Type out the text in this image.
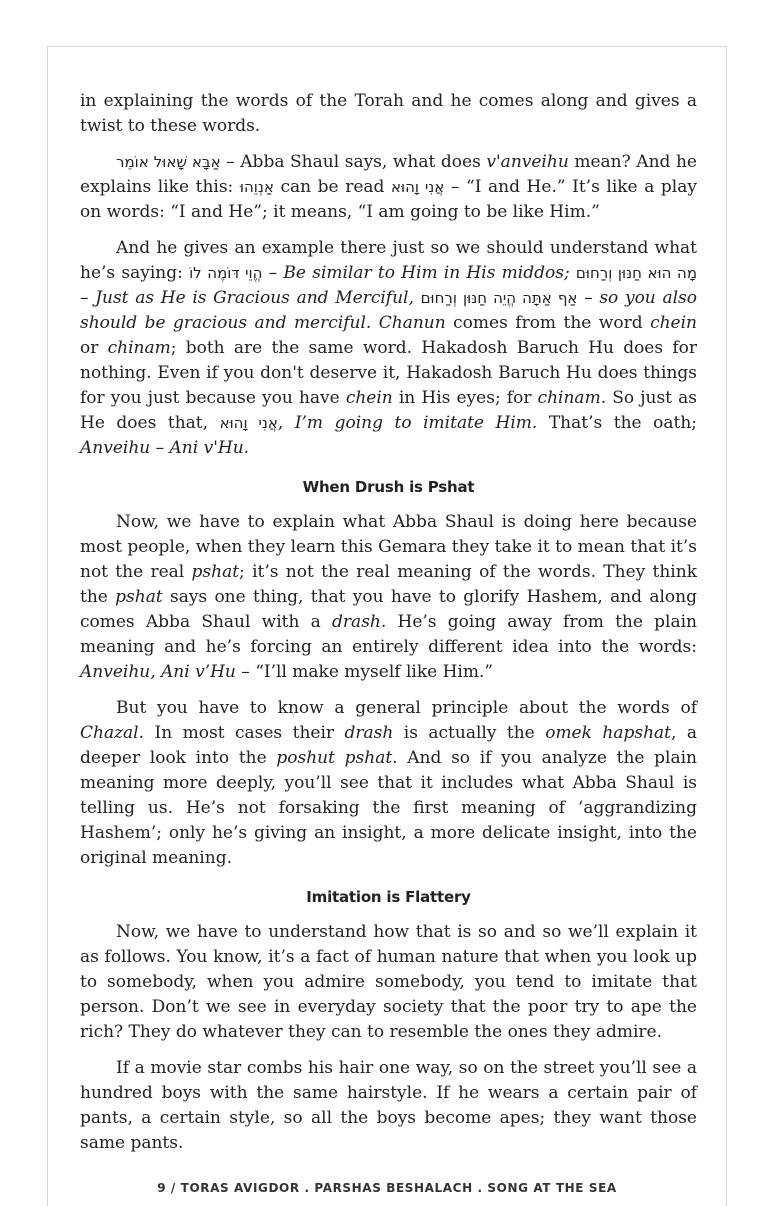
in explaining the words of the Torah and he comes along and gives a twist to these words.

אַבָּא שָׁאוּל אוֹמֵר – Abba Shaul says, what does v'anveihu mean? And he explains like this: אַנְוֵהוּ can be read אֲנִי וָהוּא – “I and He.” It’s like a play on words: “I and He”; it means, “I am going to be like Him.”

And he gives an example there just so we should understand what he’s saying: הֱוֵי דּוֹמֶה לוֹ – Be similar to Him in His middos; מָה הוּא חַנּוּן וְרַחוּם – Just as He is Gracious and Merciful, אַף אַתָּה הֱיֵה חַנּוּן וְרַחוּם – so you also should be gracious and merciful. Chanun comes from the word chein or chinam; both are the same word. Hakadosh Baruch Hu does for nothing. Even if you don't deserve it, Hakadosh Baruch Hu does things for you just because you have chein in His eyes; for chinam. So just as He does that, אֲנִי וָהוּא, I’m going to imitate Him. That’s the oath; Anveihu – Ani v'Hu.

When Drush is Pshat

Now, we have to explain what Abba Shaul is doing here because most people, when they learn this Gemara they take it to mean that it’s not the real pshat; it’s not the real meaning of the words. They think the pshat says one thing, that you have to glorify Hashem, and along comes Abba Shaul with a drash. He’s going away from the plain meaning and he’s forcing an entirely different idea into the words: Anveihu, Ani v’Hu – “I’ll make myself like Him.”

But you have to know a general principle about the words of Chazal. In most cases their drash is actually the omek hapshat, a deeper look into the poshut pshat. And so if you analyze the plain meaning more deeply, you’ll see that it includes what Abba Shaul is telling us. He’s not forsaking the first meaning of ‘aggrandizing Hashem’; only he’s giving an insight, a more delicate insight, into the original meaning.

Imitation is Flattery

Now, we have to understand how that is so and so we’ll explain it as follows. You know, it’s a fact of human nature that when you look up to somebody, when you admire somebody, you tend to imitate that person. Don’t we see in everyday society that the poor try to ape the rich? They do whatever they can to resemble the ones they admire.

If a movie star combs his hair one way, so on the street you’ll see a hundred boys with the same hairstyle. If he wears a certain pair of pants, a certain style, so all the boys become apes; they want those same pants.

9 / TORAS AVIGDOR . PARSHAS BESHALACH . SONG AT THE SEA
